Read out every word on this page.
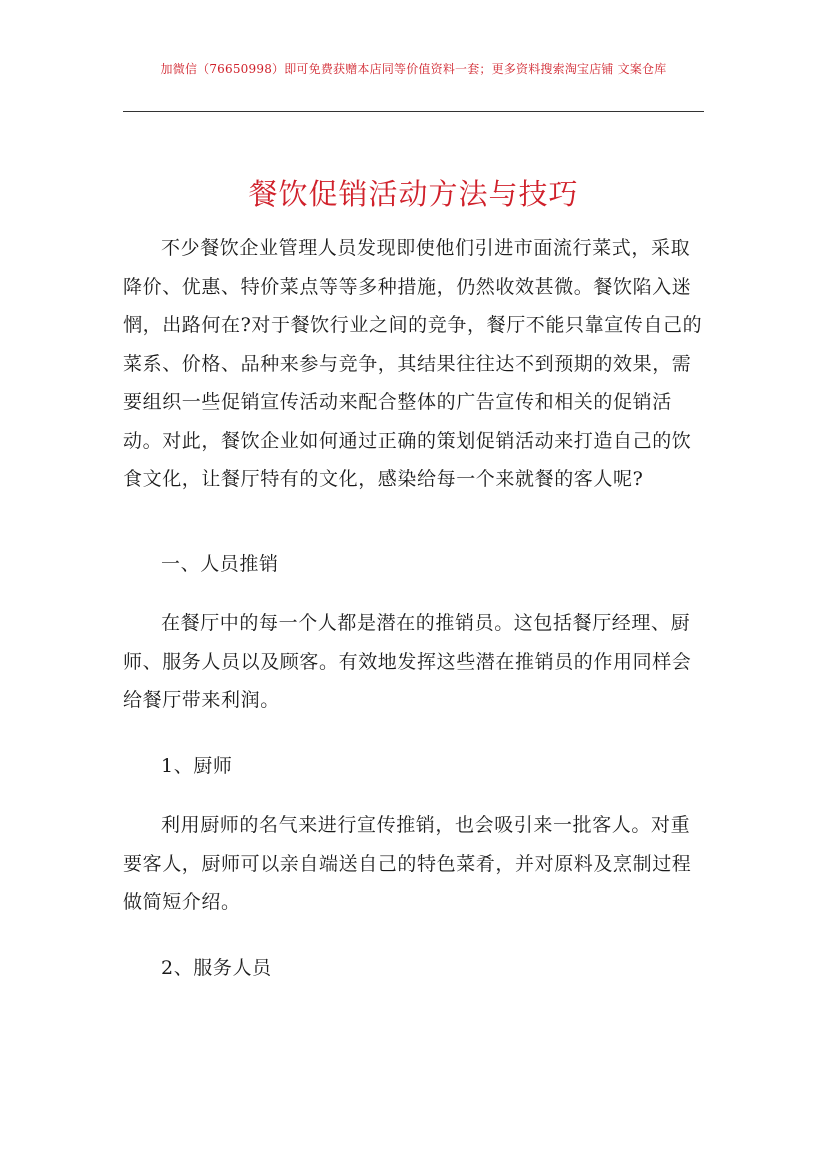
加微信（76650998）即可免费获赠本店同等价值资料一套；更多资料搜索淘宝店铺 文案仓库
餐饮促销活动方法与技巧

不少餐饮企业管理人员发现即使他们引进市面流行菜式，采取降价、优惠、特价菜点等等多种措施，仍然收效甚微。餐饮陷入迷惘，出路何在?对于餐饮行业之间的竞争，餐厅不能只靠宣传自己的菜系、价格、品种来参与竞争，其结果往往达不到预期的效果，需要组织一些促销宣传活动来配合整体的广告宣传和相关的促销活动。对此，餐饮企业如何通过正确的策划促销活动来打造自己的饮食文化，让餐厅特有的文化，感染给每一个来就餐的客人呢?

一、人员推销

在餐厅中的每一个人都是潜在的推销员。这包括餐厅经理、厨师、服务人员以及顾客。有效地发挥这些潜在推销员的作用同样会给餐厅带来利润。

1、厨师

利用厨师的名气来进行宣传推销，也会吸引来一批客人。对重要客人，厨师可以亲自端送自己的特色菜肴，并对原料及烹制过程做简短介绍。

2、服务人员
